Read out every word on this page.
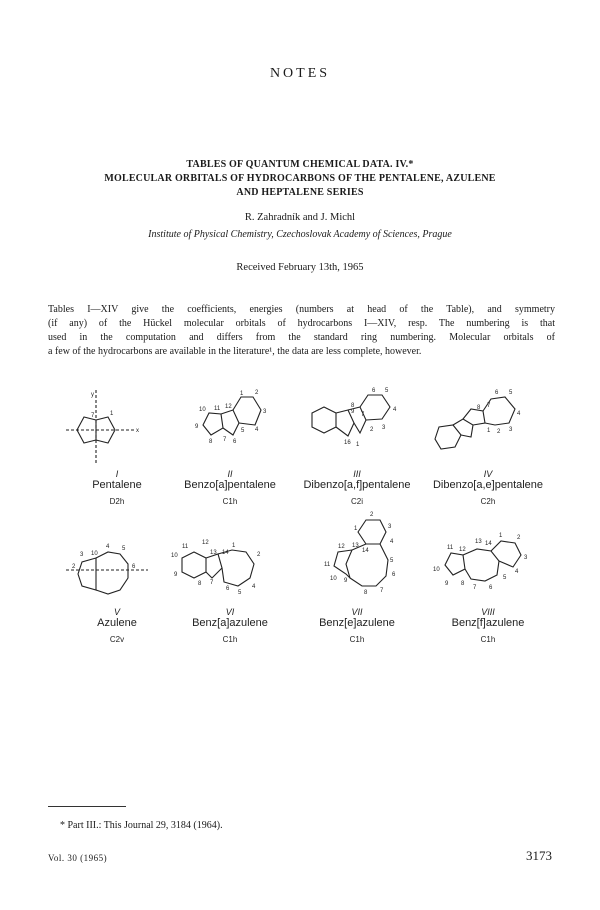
NOTES
TABLES OF QUANTUM CHEMICAL DATA. IV.*
MOLECULAR ORBITALS OF HYDROCARBONS OF THE PENTALENE, AZULENE
AND HEPTALENE SERIES
R. Zahradník and J. Michl
Institute of Physical Chemistry, Czechoslovak Academy of Sciences, Prague
Received February 13th, 1965
Tables I—XIV give the coefficients, energies (numbers at head of the Table), and symmetry
(if any) of the Hückel molecular orbitals of hydrocarbons I—XIV, resp. The numbering is that
used in the computation and differs from the standard ring numbering. Molecular orbitals of
a few of the hydrocarbons are available in the literature¹, the data are less complete, however.
y
7	1
x
10 11 12
1 2
3
9
8 7 6
5 4
6 5
4
8
7
9
3
2
16 1
6 5
4
8 7
3
2
1
3
2
10
4 5
6
11
12
13
10	14
1
2
9
8 7
6
5
4
2
3
1
4
12 13
14
11
5
6
10 9
8 7
13 14
1 2
11 12
10
3
9 8
7 6
5
4
I
Pentalene
D2h
II
Benzo[a]pentalene
C1h
III
Dibenzo[a,f]pentalene
C2i
IV
Dibenzo[a,e]pentalene
C2h
V
Azulene
C2v
VI
Benz[a]azulene
C1h
VII
Benz[e]azulene
C1h
VIII
Benz[f]azulene
C1h
* Part III.: This Journal 29, 3184 (1964).
Vol. 30 (1965)	3173
